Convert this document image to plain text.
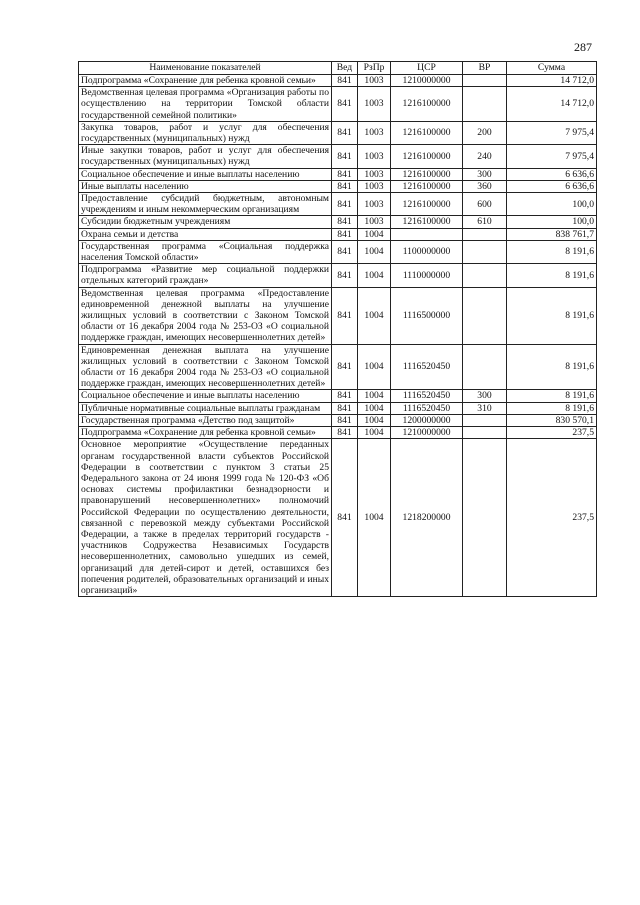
287
Наименование показателей	Вед	РзПр	ЦСР	ВР	Сумма
Подпрограмма «Сохранение для ребенка кровной семьи»	841	1003	1210000000		14 712,0
Ведомственная целевая программа «Организация работы по осуществлению на территории Томской области государственной семейной политики»	841	1003	1216100000		14 712,0
Закупка товаров, работ и услуг для обеспечения государственных (муниципальных) нужд	841	1003	1216100000	200	7 975,4
Иные закупки товаров, работ и услуг для обеспечения государственных (муниципальных) нужд	841	1003	1216100000	240	7 975,4
Социальное обеспечение и иные выплаты населению	841	1003	1216100000	300	6 636,6
Иные выплаты населению	841	1003	1216100000	360	6 636,6
Предоставление субсидий бюджетным, автономным учреждениям и иным некоммерческим организациям	841	1003	1216100000	600	100,0
Субсидии бюджетным учреждениям	841	1003	1216100000	610	100,0
Охрана семьи и детства	841	1004			838 761,7
Государственная программа «Социальная поддержка населения Томской области»	841	1004	1100000000		8 191,6
Подпрограмма «Развитие мер социальной поддержки отдельных категорий граждан»	841	1004	1110000000		8 191,6
Ведомственная целевая программа «Предоставление единовременной денежной выплаты на улучшение жилищных условий в соответствии с Законом Томской области от 16 декабря 2004 года № 253-ОЗ «О социальной поддержке граждан, имеющих несовершеннолетних детей»	841	1004	1116500000		8 191,6
Единовременная денежная выплата на улучшение жилищных условий в соответствии с Законом Томской области от 16 декабря 2004 года № 253-ОЗ «О социальной поддержке граждан, имеющих несовершеннолетних детей»	841	1004	1116520450		8 191,6
Социальное обеспечение и иные выплаты населению	841	1004	1116520450	300	8 191,6
Публичные нормативные социальные выплаты гражданам	841	1004	1116520450	310	8 191,6
Государственная программа «Детство под защитой»	841	1004	1200000000		830 570,1
Подпрограмма «Сохранение для ребенка кровной семьи»	841	1004	1210000000		237,5
Основное мероприятие «Осуществление переданных органам государственной власти субъектов Российской Федерации в соответствии с пунктом 3 статьи 25 Федерального закона от 24 июня 1999 года № 120-ФЗ «Об основах системы профилактики безнадзорности и правонарушений несовершеннолетних» полномочий Российской Федерации по осуществлению деятельности, связанной с перевозкой между субъектами Российской Федерации, а также в пределах территорий государств - участников Содружества Независимых Государств несовершеннолетних, самовольно ушедших из семей, организаций для детей-сирот и детей, оставшихся без попечения родителей, образовательных организаций и иных организаций»	841	1004	1218200000		237,5
